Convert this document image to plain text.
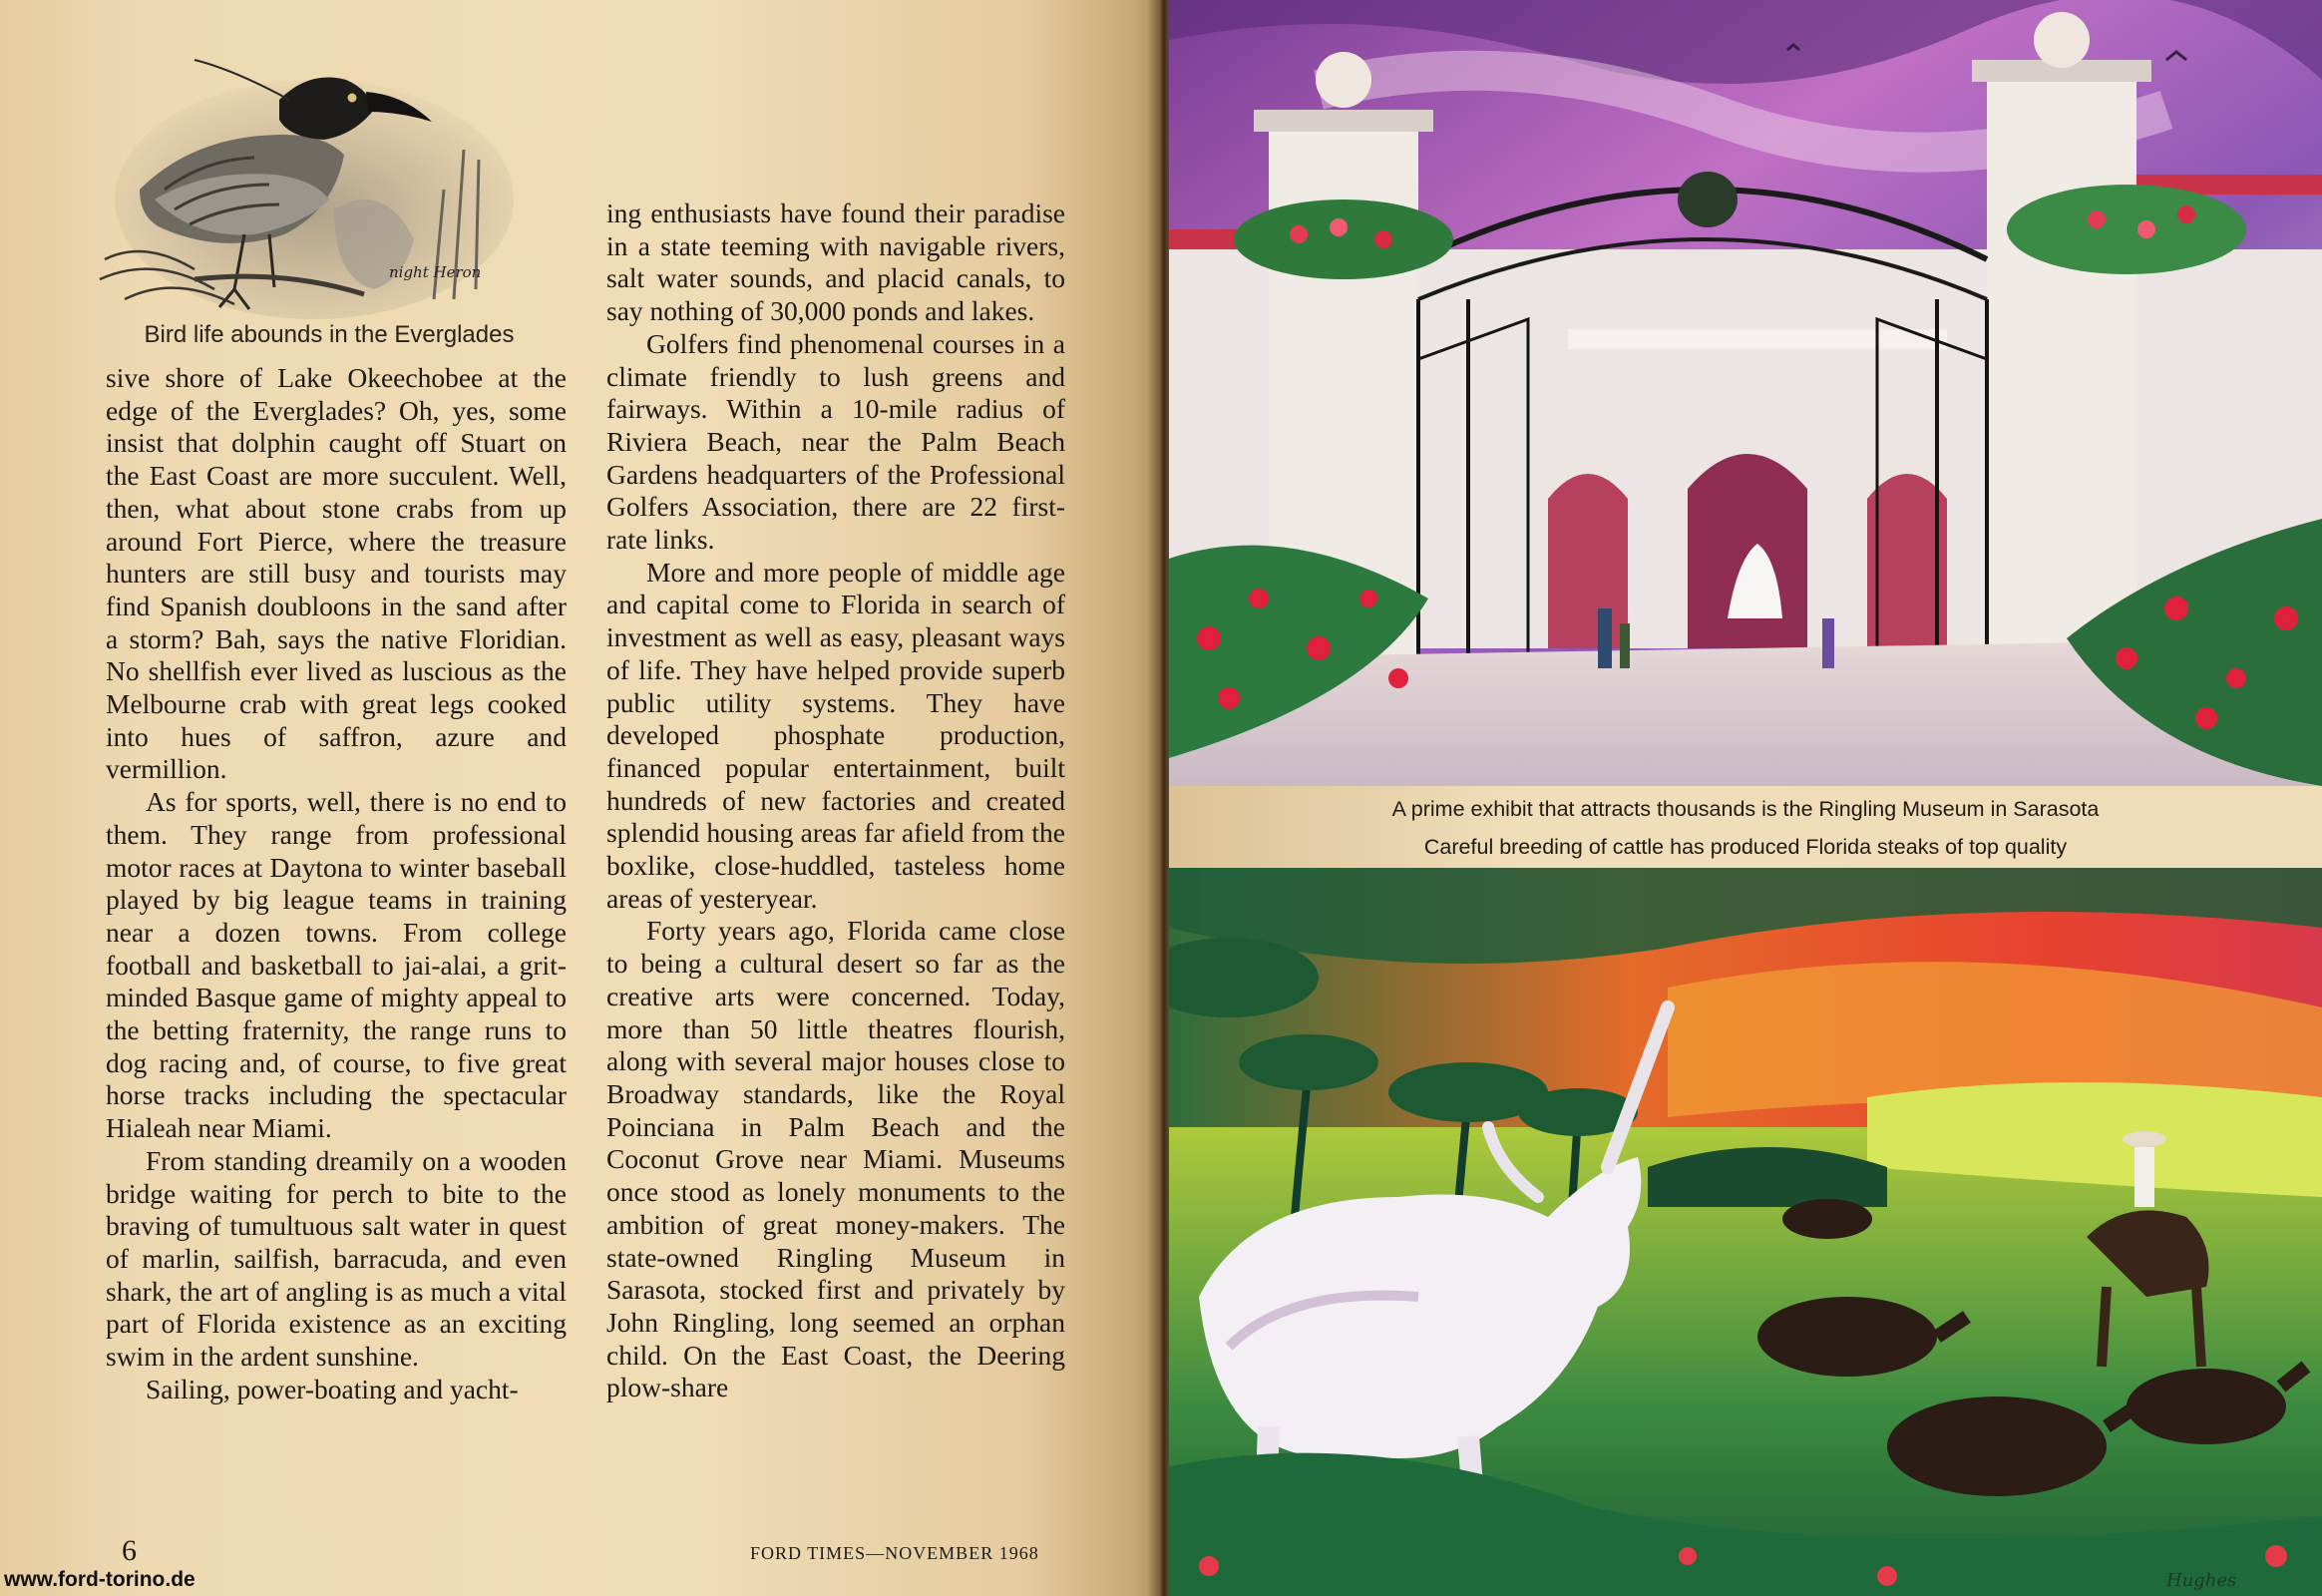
night Heron

Bird life abounds in the Everglades

sive shore of Lake Okeechobee at the edge of the Everglades? Oh, yes, some insist that dolphin caught off Stuart on the East Coast are more succulent. Well, then, what about stone crabs from up around Fort Pierce, where the treasure hunters are still busy and tourists may find Spanish doubloons in the sand after a storm? Bah, says the native Floridian. No shellfish ever lived as luscious as the Melbourne crab with great legs cooked into hues of saffron, azure and vermillion.

As for sports, well, there is no end to them. They range from professional motor races at Daytona to winter baseball played by big league teams in training near a dozen towns. From college football and basketball to jai-alai, a grit-minded Basque game of mighty appeal to the betting fraternity, the range runs to dog racing and, of course, to five great horse tracks including the spectacular Hialeah near Miami.

From standing dreamily on a wooden bridge waiting for perch to bite to the braving of tumultuous salt water in quest of marlin, sailfish, barracuda, and even shark, the art of angling is as much a vital part of Florida existence as an exciting swim in the ardent sunshine.

Sailing, power-boating and yacht-

ing enthusiasts have found their paradise in a state teeming with navigable rivers, salt water sounds, and placid canals, to say nothing of 30,000 ponds and lakes.

Golfers find phenomenal courses in a climate friendly to lush greens and fairways. Within a 10-mile radius of Riviera Beach, near the Palm Beach Gardens headquarters of the Professional Golfers Association, there are 22 first-rate links.

More and more people of middle age and capital come to Florida in search of investment as well as easy, pleasant ways of life. They have helped provide superb public utility systems. They have developed phosphate production, financed popular entertainment, built hundreds of new factories and created splendid housing areas far afield from the boxlike, close-huddled, tasteless home areas of yesteryear.

Forty years ago, Florida came close to being a cultural desert so far as the creative arts were concerned. Today, more than 50 little theatres flourish, along with several major houses close to Broadway standards, like the Royal Poinciana in Palm Beach and the Coconut Grove near Miami. Museums once stood as lonely monuments to the ambition of great money-makers. The state-owned Ringling Museum in Sarasota, stocked first and privately by John Ringling, long seemed an orphan child. On the East Coast, the Deering plow-share

6	FORD TIMES—NOVEMBER 1968

www.ford-torino.de

A prime exhibit that attracts thousands is the Ringling Museum in Sarasota

Careful breeding of cattle has produced Florida steaks of top quality

Hughes
